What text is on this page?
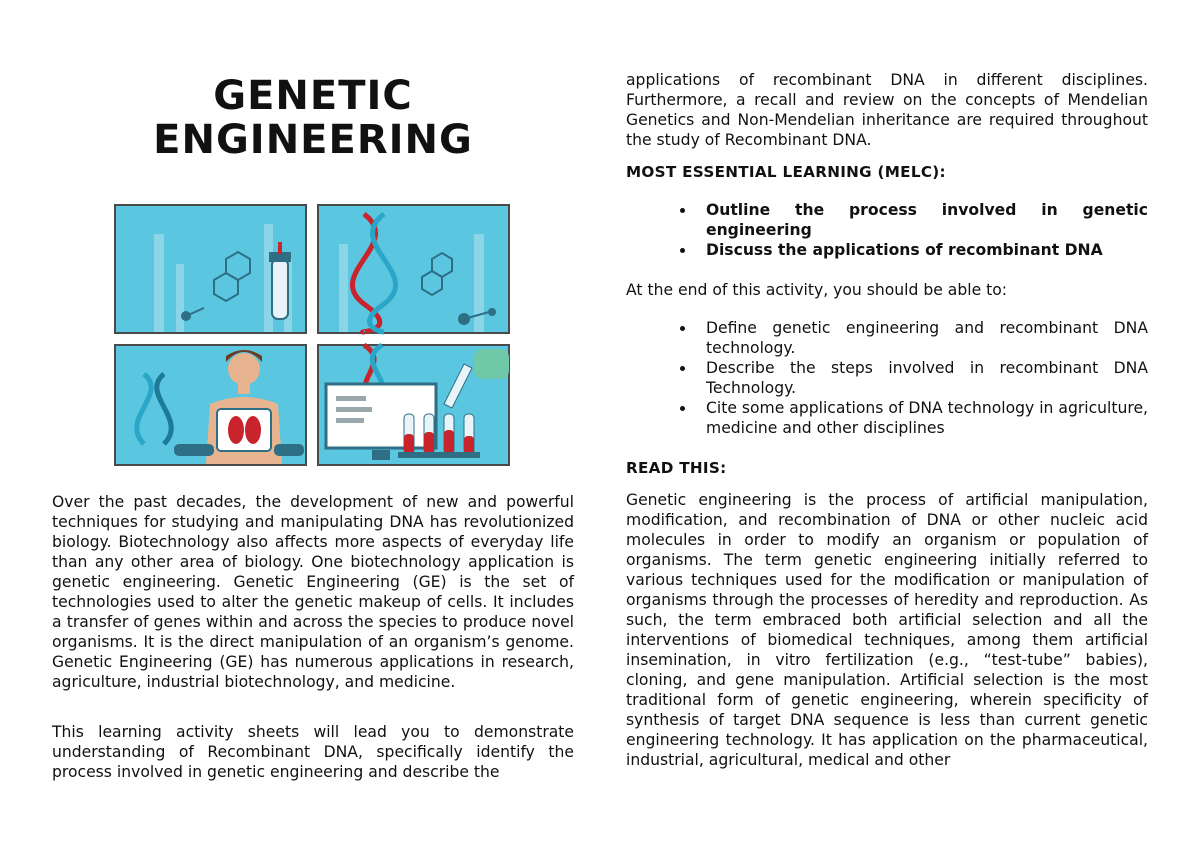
GENETIC
ENGINEERING

Over the past decades, the development of new and powerful techniques for studying and manipulating DNA has revolutionized biology. Biotechnology also affects more aspects of everyday life than any other area of biology. One biotechnology application is genetic engineering. Genetic Engineering (GE) is the set of technologies used to alter the genetic makeup of cells. It includes a transfer of genes within and across the species to produce novel organisms. It is the direct manipulation of an organism’s genome. Genetic Engineering (GE) has numerous applications in research, agriculture, industrial biotechnology, and medicine.

This learning activity sheets will lead you to demonstrate understanding of Recombinant DNA, specifically identify the process involved in genetic engineering and describe the

applications of recombinant DNA in different disciplines. Furthermore, a recall and review on the concepts of Mendelian Genetics and Non-Mendelian inheritance are required throughout the study of Recombinant DNA.

MOST ESSENTIAL LEARNING (MELC):
Outline the process involved in genetic engineering
Discuss the applications of recombinant DNA

At the end of this activity, you should be able to:

Define genetic engineering and recombinant DNA technology.
Describe the steps involved in recombinant DNA Technology.
Cite some applications of DNA technology in agriculture, medicine and other disciplines
READ THIS:

Genetic engineering is the process of artificial manipulation, modification, and recombination of DNA or other nucleic acid molecules in order to modify an organism or population of organisms. The term genetic engineering initially referred to various techniques used for the modification or manipulation of organisms through the processes of heredity and reproduction. As such, the term embraced both artificial selection and all the interventions of biomedical techniques, among them artificial insemination, in vitro fertilization (e.g., “test-tube” babies), cloning, and gene manipulation. Artificial selection is the most traditional form of genetic engineering, wherein specificity of synthesis of target DNA sequence is less than current genetic engineering technology. It has application on the pharmaceutical, industrial, agricultural, medical and other
